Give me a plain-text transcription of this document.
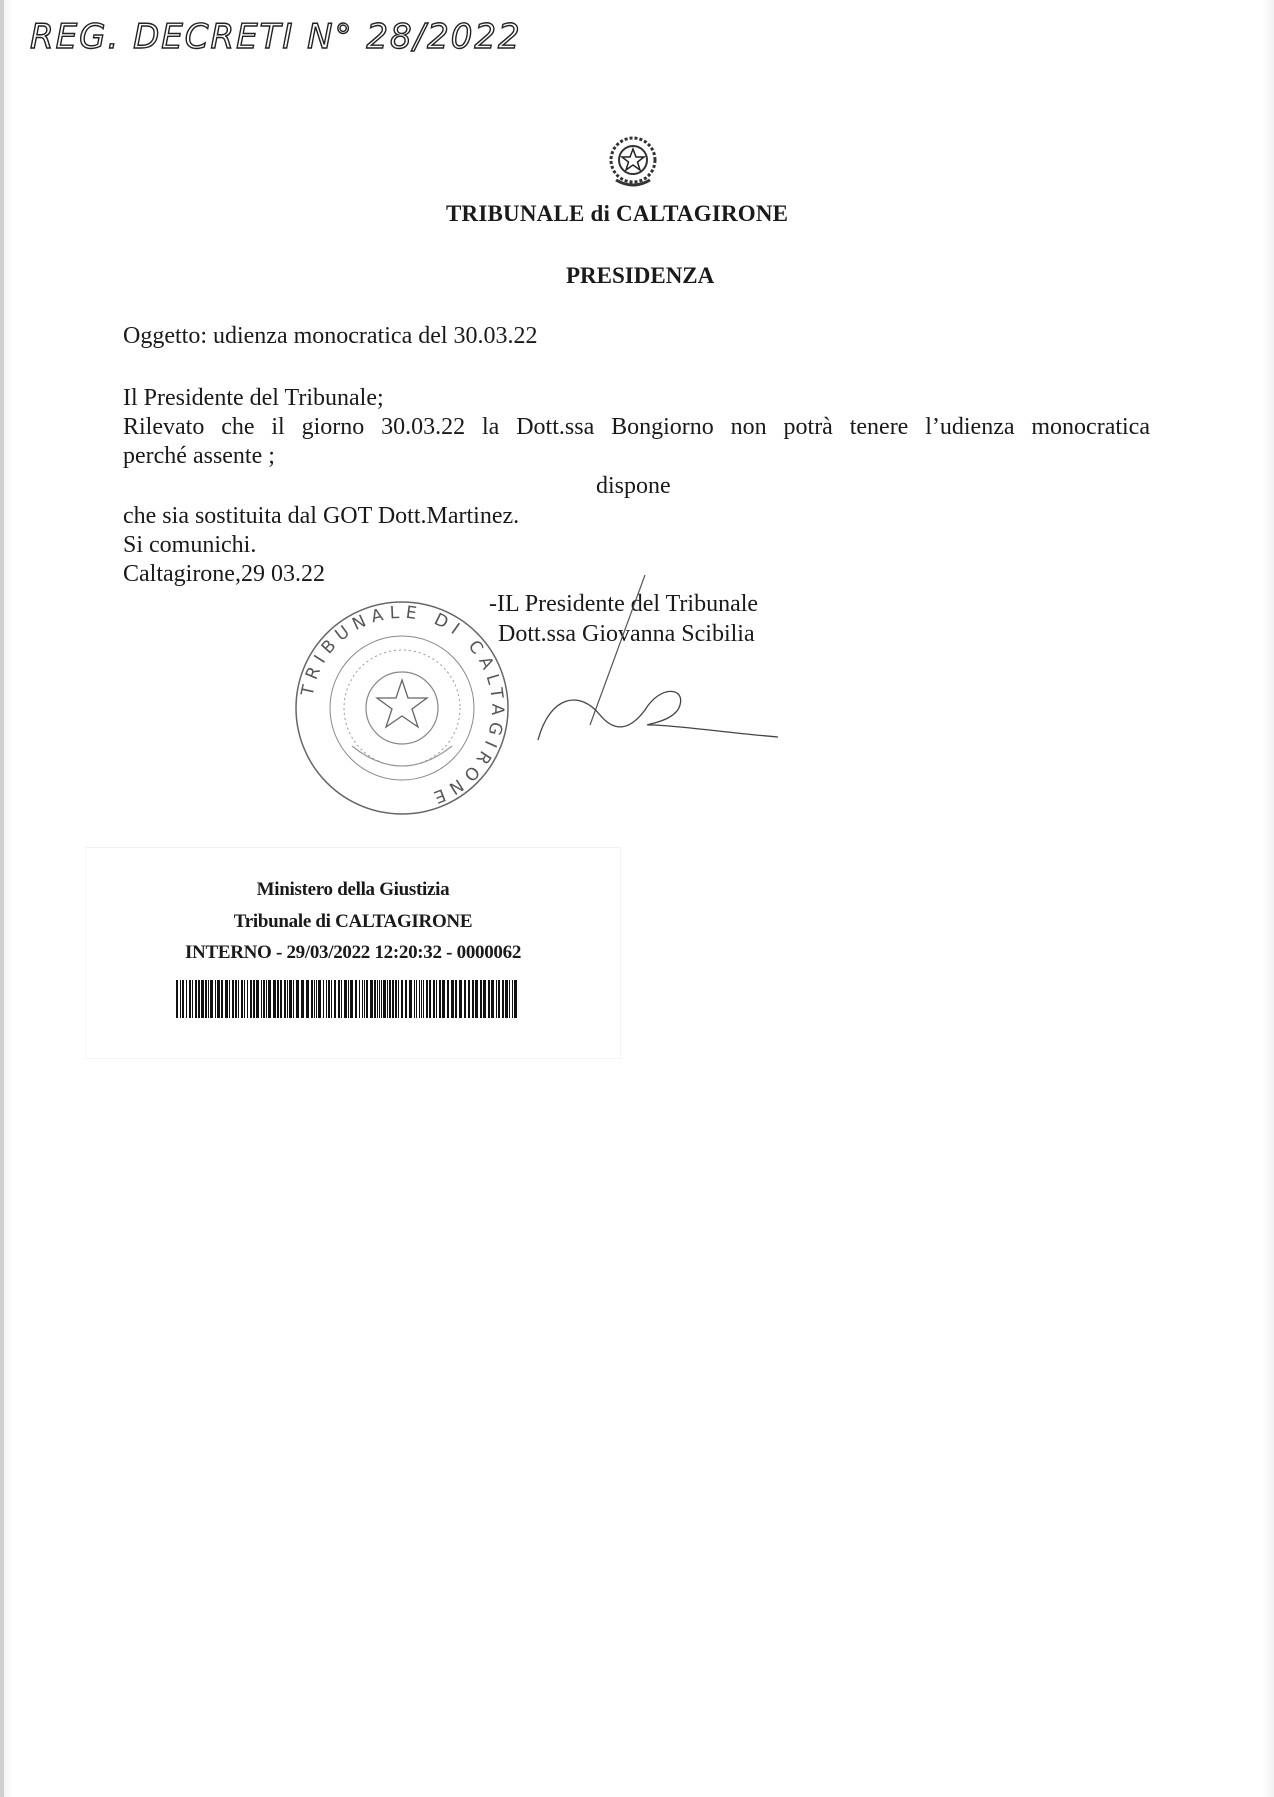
REG. DECRETI N° 28/2022
TRIBUNALE di CALTAGIRONE
PRESIDENZA
Oggetto: udienza monocratica del 30.03.22
Il Presidente del Tribunale;
Rilevato che il giorno 30.03.22 la Dott.ssa Bongiorno non potrà tenere l’udienza monocratica
perché assente ;
dispone
che sia sostituita dal GOT Dott.Martinez.
Si comunichi.
Caltagirone,29 03.22
-IL Presidente del Tribunale
Dott.ssa Giovanna Scibilia
TRIBUNALE DI CALTAGIRONE
Ministero della Giustizia
Tribunale di CALTAGIRONE
INTERNO - 29/03/2022 12:20:32 - 0000062
